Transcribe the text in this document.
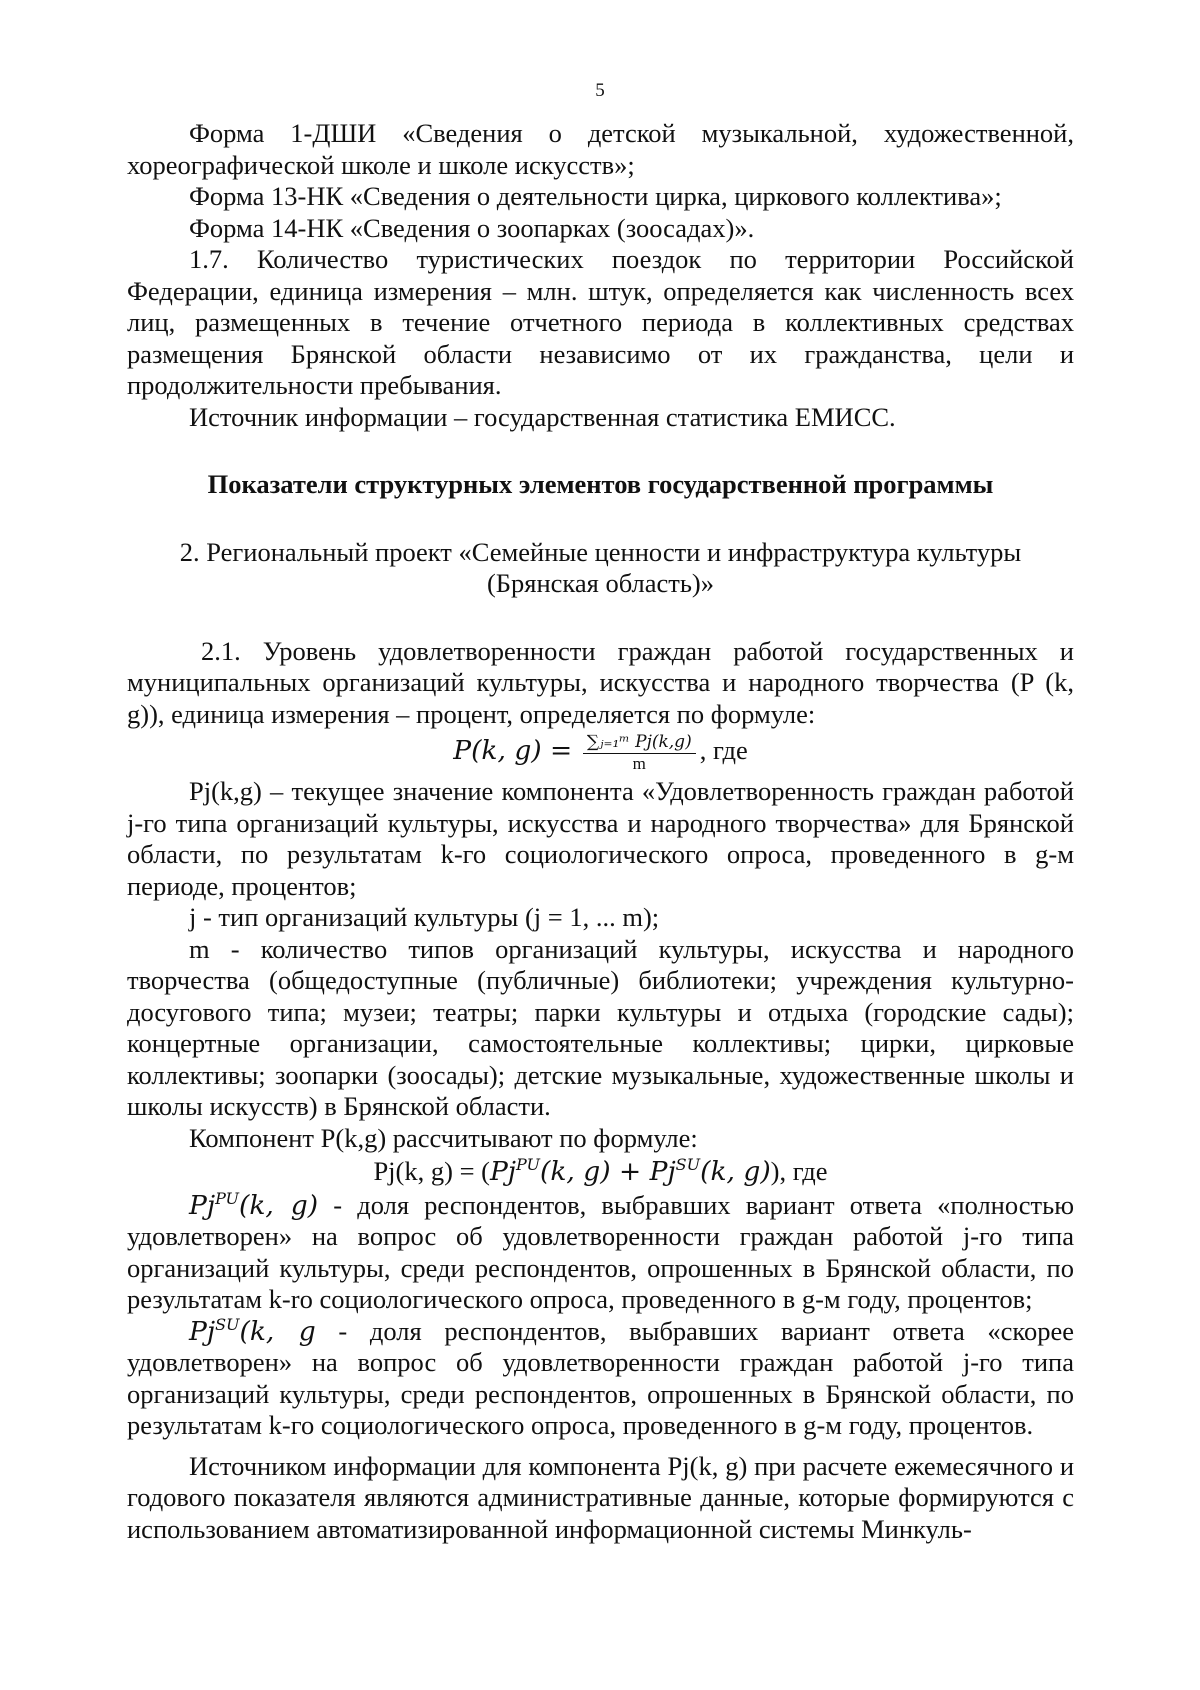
5

Форма 1-ДШИ «Сведения о детской музыкальной, художественной, хореографической школе и школе искусств»;

Форма 13-НК «Сведения о деятельности цирка, циркового коллектива»;

Форма 14-НК «Сведения о зоопарках (зоосадах)».

1.7. Количество туристических поездок по территории Российской Федерации, единица измерения – млн. штук, определяется как численность всех лиц, размещенных в течение отчетного периода в коллективных средствах размещения Брянской области независимо от их гражданства, цели и продолжительности пребывания.

Источник информации – государственная статистика ЕМИСС.

Показатели структурных элементов государственной программы

2. Региональный проект «Семейные ценности и инфраструктура культуры
(Брянская область)»

2.1. Уровень удовлетворенности граждан работой государственных и муниципальных организаций культуры, искусства и народного творчества (P (k, g)), единица измерения – процент, определяется по формуле:

P(k, $g) = \frac{\text{∑ⱼ₌₁ᵐ Pj(k,g)}}{m}$ , где

Pj(k,g) – текущее значение компонента «Удовлетворенность граждан работой j-го типа организаций культуры, искусства и народного творчества» для Брянской области, по результатам k-го социологического опроса, проведенного в g-м периоде, процентов;

j - тип организаций культуры (j = 1, ... m);

m - количество типов организаций культуры, искусства и народного творчества (общедоступные (публичные) библиотеки; учреждения культурно-досугового типа; музеи; театры; парки культуры и отдыха (городские сады); концертные организации, самостоятельные коллективы; цирки, цирковые коллективы; зоопарки (зоосады); детские музыкальные, художественные школы и школы искусств) в Брянской области.

Компонент P(k,g) рассчитывают по формуле:

Pj(k, $g) = (Pj^{PU}(k$, $g) + Pj^{SU}(k$, g)), где

$Pj^{PU}(k$, g) - доля респондентов, выбравших вариант ответа «полностью удовлетворен» на вопрос об удовлетворенности граждан работой j-го типа организаций культуры, среди респондентов, опрошенных в Брянской области, по результатам k-ro социологического опроса, проведенного в g-м году, процентов;

$Pj^{SU}(k$, g - доля респондентов, выбравших вариант ответа «скорее удовлетворен» на вопрос об удовлетворенности граждан работой j-го типа организаций культуры, среди респондентов, опрошенных в Брянской области, по результатам k-го социологического опроса, проведенного в g-м году, процентов.

Источником информации для компонента Pj(k, g) при расчете ежемесячного и годового показателя являются административные данные, которые формируются с использованием автоматизированной информационной системы Минкуль-
